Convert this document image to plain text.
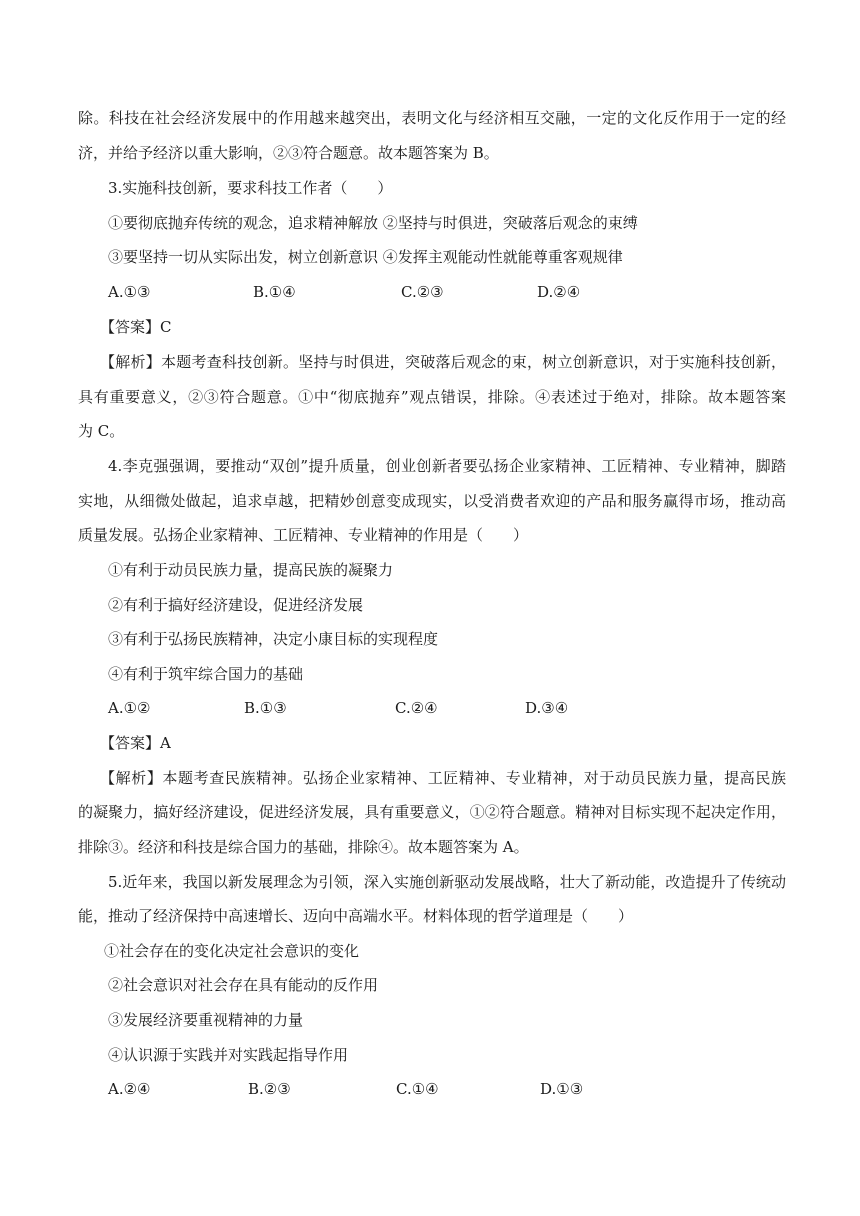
除。科技在社会经济发展中的作用越来越突出，表明文化与经济相互交融，一定的文化反作用于一定的经
济，并给予经济以重大影响，②③符合题意。故本题答案为 B。
3.实施科技创新，要求科技工作者（　　）
①要彻底抛弃传统的观念，追求精神解放 ②坚持与时俱进，突破落后观念的束缚
③要坚持一切从实际出发，树立创新意识 ④发挥主观能动性就能尊重客观规律
A.①③	B.①④	C.②③	D.②④
【答案】C
【解析】本题考查科技创新。坚持与时俱进，突破落后观念的束，树立创新意识，对于实施科技创新，
具有重要意义，②③符合题意。①中“彻底抛弃”观点错误，排除。④表述过于绝对，排除。故本题答案
为 C。
4.李克强强调，要推动“双创”提升质量，创业创新者要弘扬企业家精神、工匠精神、专业精神，脚踏
实地，从细微处做起，追求卓越，把精妙创意变成现实，以受消费者欢迎的产品和服务赢得市场，推动高
质量发展。弘扬企业家精神、工匠精神、专业精神的作用是（　　）
①有利于动员民族力量，提高民族的凝聚力
②有利于搞好经济建设，促进经济发展
③有利于弘扬民族精神，决定小康目标的实现程度
④有利于筑牢综合国力的基础
A.①②	B.①③	C.②④	D.③④
【答案】A
【解析】本题考查民族精神。弘扬企业家精神、工匠精神、专业精神，对于动员民族力量，提高民族
的凝聚力，搞好经济建设，促进经济发展，具有重要意义，①②符合题意。精神对目标实现不起决定作用，
排除③。经济和科技是综合国力的基础，排除④。故本题答案为 A。
5.近年来，我国以新发展理念为引领，深入实施创新驱动发展战略，壮大了新动能，改造提升了传统动
能，推动了经济保持中高速增长、迈向中高端水平。材料体现的哲学道理是（　　）
①社会存在的变化决定社会意识的变化
②社会意识对社会存在具有能动的反作用
③发展经济要重视精神的力量
④认识源于实践并对实践起指导作用
A.②④	B.②③	C.①④	D.①③
